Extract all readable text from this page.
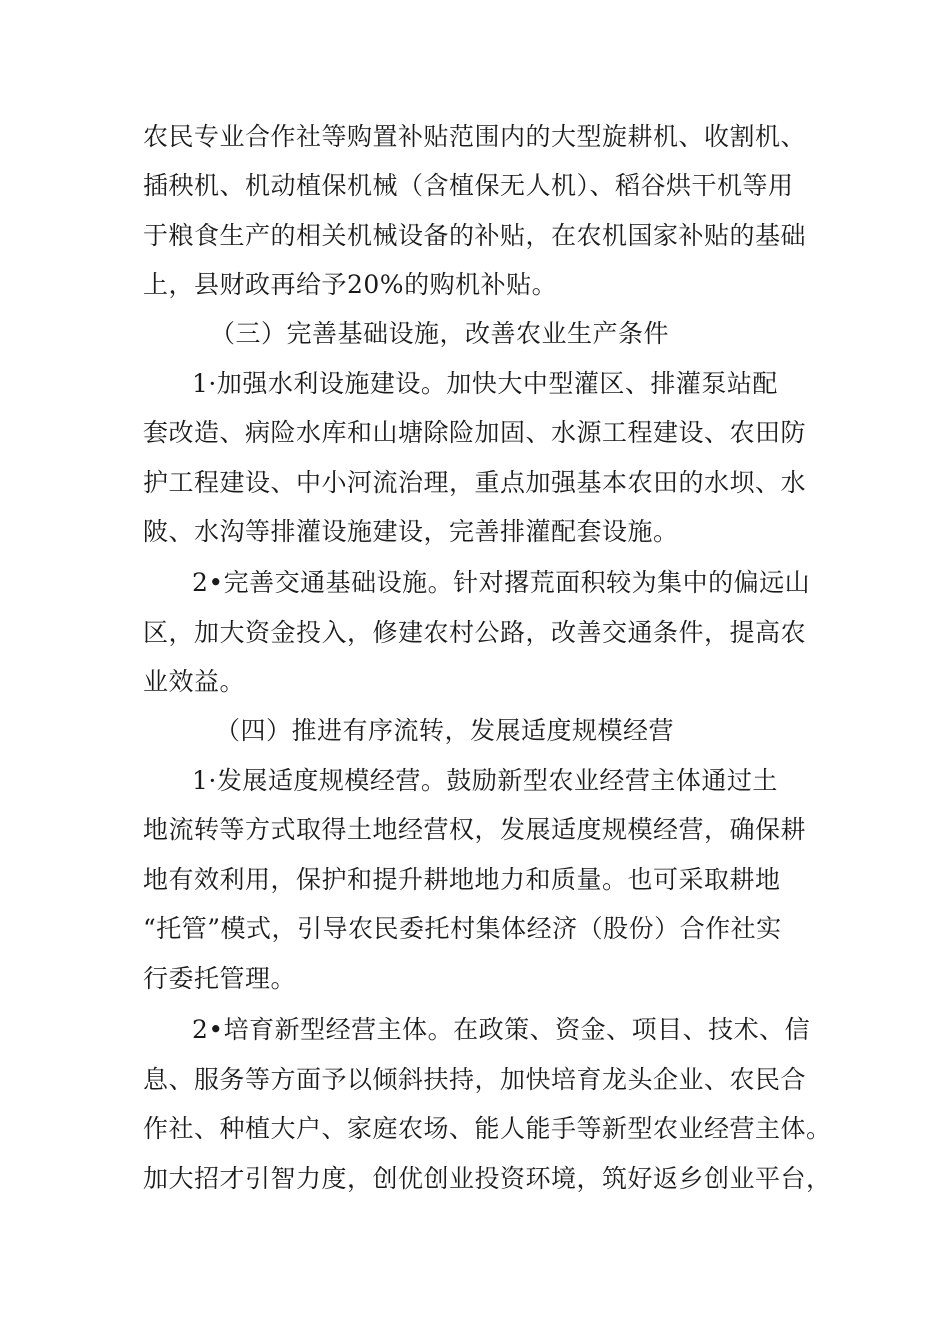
农民专业合作社等购置补贴范围内的大型旋耕机、收割机、
插秧机、机动植保机械（含植保无人机）、稻谷烘干机等用
于粮食生产的相关机械设备的补贴，在农机国家补贴的基础
上，县财政再给予20%的购机补贴。
（三）完善基础设施，改善农业生产条件
1·加强水利设施建设。加快大中型灌区、排灌泵站配
套改造、病险水库和山塘除险加固、水源工程建设、农田防
护工程建设、中小河流治理，重点加强基本农田的水坝、水
陂、水沟等排灌设施建设，完善排灌配套设施。
2•完善交通基础设施。针对撂荒面积较为集中的偏远山
区，加大资金投入，修建农村公路，改善交通条件，提高农
业效益。
（四）推进有序流转，发展适度规模经营
1·发展适度规模经营。鼓励新型农业经营主体通过土
地流转等方式取得土地经营权，发展适度规模经营，确保耕
地有效利用，保护和提升耕地地力和质量。也可采取耕地
“托管”模式，引导农民委托村集体经济（股份）合作社实
行委托管理。
2•培育新型经营主体。在政策、资金、项目、技术、信
息、服务等方面予以倾斜扶持，加快培育龙头企业、农民合
作社、种植大户、家庭农场、能人能手等新型农业经营主体。
加大招才引智力度，创优创业投资环境，筑好返乡创业平台，
